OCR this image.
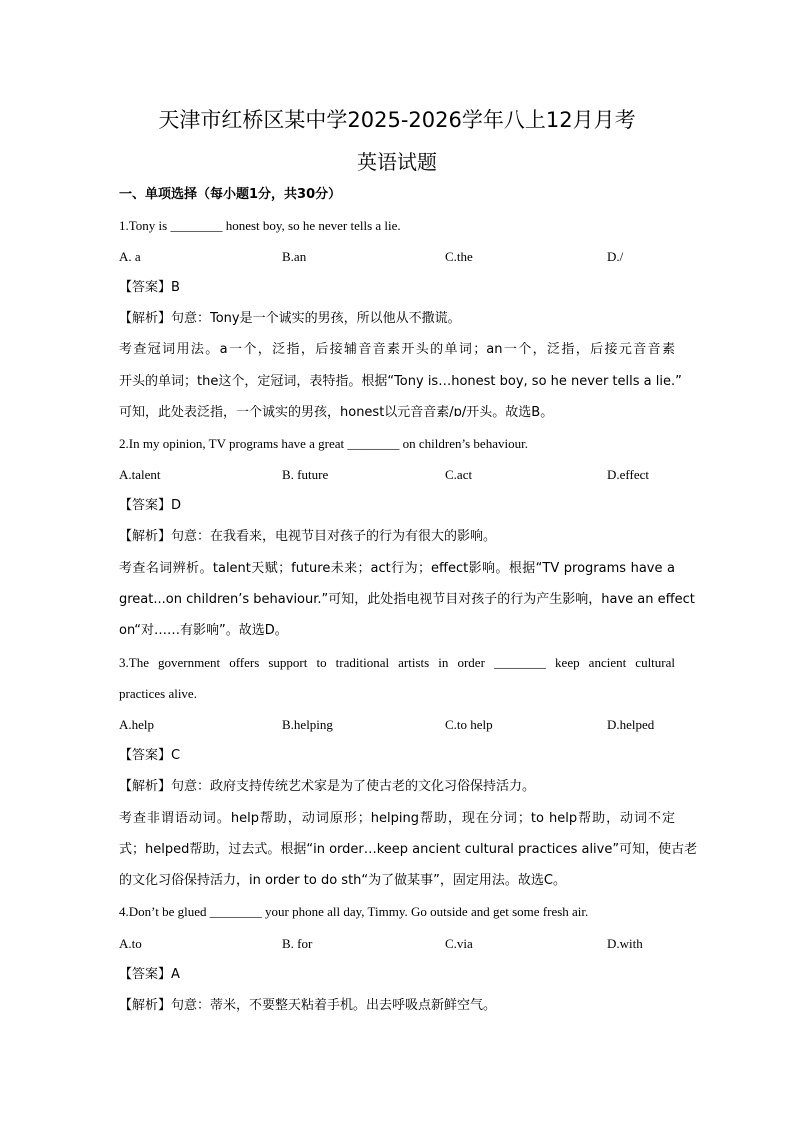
天津市红桥区某中学2025-2026学年八上12月月考
英语试题
一、单项选择（每小题1分，共30分）
1.Tony is ________ honest boy, so he never tells a lie.
A. a	B.an	C.the	D./
【答案】B
【解析】句意：Tony是一个诚实的男孩，所以他从不撒谎。
考查冠词用法。a一个，泛指，后接辅音音素开头的单词；an一个，泛指，后接元音音素
开头的单词；the这个，定冠词，表特指。根据“Tony is…honest boy, so he never tells a lie.”
可知，此处表泛指，一个诚实的男孩，honest以元音音素/ɒ/开头。故选B。
2.In my opinion, TV programs have a great ________ on children’s behaviour.
A.talent	B. future	C.act	D.effect
【答案】D
【解析】句意：在我看来，电视节目对孩子的行为有很大的影响。
考查名词辨析。talent天赋；future未来；act行为；effect影响。根据“TV programs have a
great...on children’s behaviour.”可知，此处指电视节目对孩子的行为产生影响，have an effect
on“对……有影响”。故选D。
3.The government offers support to traditional artists in order ________ keep ancient cultural
practices alive.
A.help	B.helping	C.to help	D.helped
【答案】C
【解析】句意：政府支持传统艺术家是为了使古老的文化习俗保持活力。
考查非谓语动词。help帮助，动词原形；helping帮助，现在分词；to help帮助，动词不定
式；helped帮助，过去式。根据“in order…keep ancient cultural practices alive”可知，使古老
的文化习俗保持活力，in order to do sth“为了做某事”，固定用法。故选C。
4.Don’t be glued ________ your phone all day, Timmy. Go outside and get some fresh air.
A.to	B. for	C.via	D.with
【答案】A
【解析】句意：蒂米，不要整天粘着手机。出去呼吸点新鲜空气。
